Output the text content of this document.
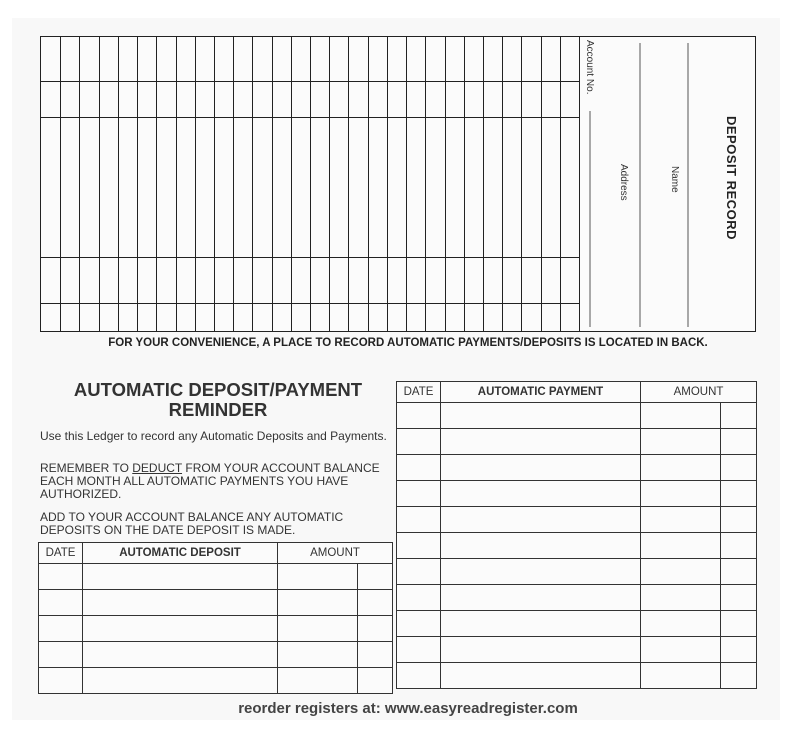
Account No.
Address	Name	DEPOSIT RECORD
FOR YOUR CONVENIENCE, A PLACE TO RECORD AUTOMATIC PAYMENTS/DEPOSITS IS LOCATED IN BACK.
AUTOMATIC DEPOSIT/PAYMENT
REMINDER
Use this Ledger to record any Automatic Deposits and Payments.
REMEMBER TO DEDUCT FROM YOUR ACCOUNT BALANCE EACH MONTH ALL AUTOMATIC PAYMENTS YOU HAVE AUTHORIZED.
ADD TO YOUR ACCOUNT BALANCE ANY AUTOMATIC DEPOSITS ON THE DATE DEPOSIT IS MADE.
DATE	AUTOMATIC DEPOSIT	AMOUNT	

DATE	AUTOMATIC PAYMENT	AMOUNT	

reorder registers at: www.easyreadregister.com
